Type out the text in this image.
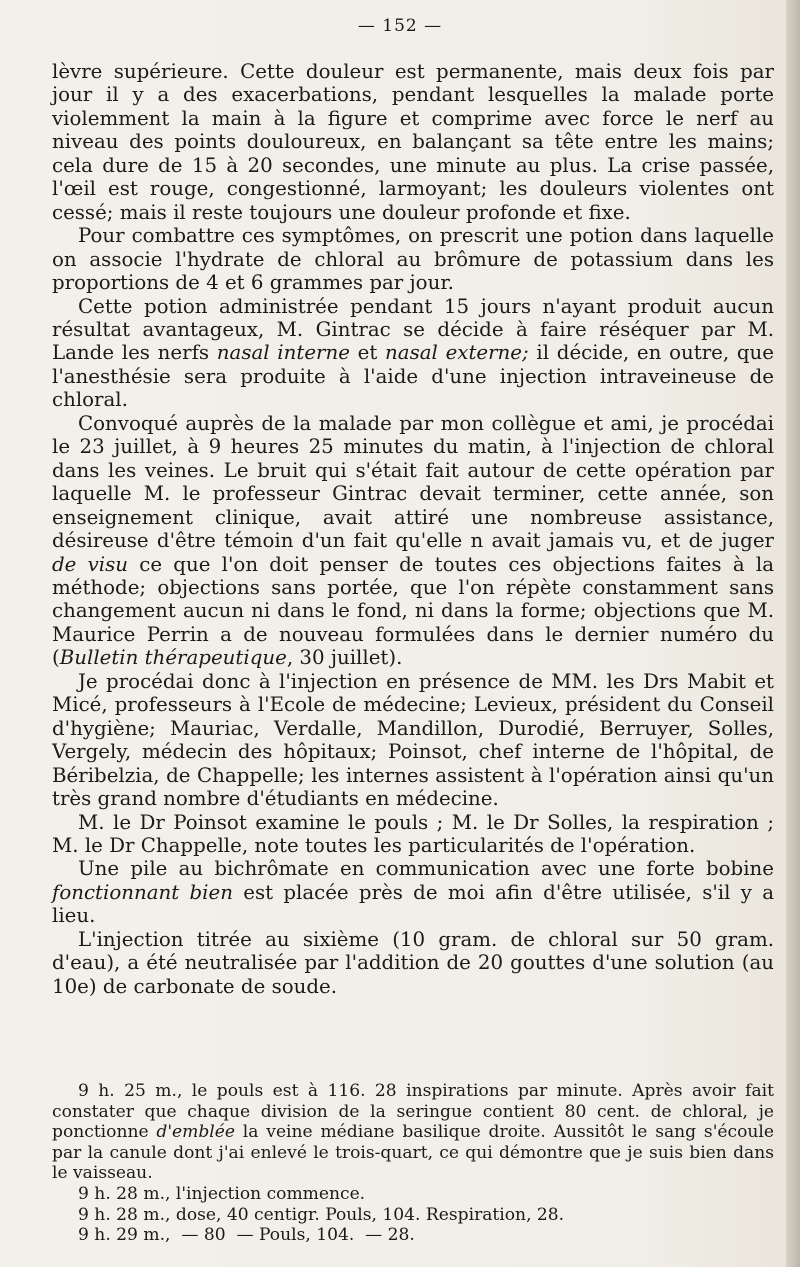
— 152 —

lèvre supérieure. Cette douleur est permanente, mais deux fois par jour il y a des exacerbations, pendant lesquelles la malade porte violemment la main à la figure et comprime avec force le nerf au niveau des points douloureux, en balançant sa tête entre les mains; cela dure de 15 à 20 secondes, une minute au plus. La crise passée, l'œil est rouge, congestionné, larmoyant; les douleurs violentes ont cessé; mais il reste toujours une douleur profonde et fixe.

Pour combattre ces symptômes, on prescrit une potion dans laquelle on associe l'hydrate de chloral au brômure de potassium dans les proportions de 4 et 6 grammes par jour.

Cette potion administrée pendant 15 jours n'ayant produit aucun résultat avantageux, M. Gintrac se décide à faire réséquer par M. Lande les nerfs nasal interne et nasal externe; il décide, en outre, que l'anesthésie sera produite à l'aide d'une injection intraveineuse de chloral.

Convoqué auprès de la malade par mon collègue et ami, je procédai le 23 juillet, à 9 heures 25 minutes du matin, à l'injection de chloral dans les veines. Le bruit qui s'était fait autour de cette opération par laquelle M. le professeur Gintrac devait terminer, cette année, son enseignement clinique, avait attiré une nombreuse assistance, désireuse d'être témoin d'un fait qu'elle n avait jamais vu, et de juger de visu ce que l'on doit penser de toutes ces objections faites à la méthode; objections sans portée, que l'on répète constamment sans changement aucun ni dans le fond, ni dans la forme; objections que M. Maurice Perrin a de nouveau formulées dans le dernier numéro du (Bulletin thérapeutique, 30 juillet).

Je procédai donc à l'injection en présence de MM. les Drs Mabit et Micé, professeurs à l'Ecole de médecine; Levieux, président du Conseil d'hygiène; Mauriac, Verdalle, Mandillon, Durodié, Berruyer, Solles, Vergely, médecin des hôpitaux; Poinsot, chef interne de l'hôpital, de Béribelzia, de Chappelle; les internes assistent à l'opération ainsi qu'un très grand nombre d'étudiants en médecine.

M. le Dr Poinsot examine le pouls ; M. le Dr Solles, la respiration ; M. le Dr Chappelle, note toutes les particularités de l'opération.

Une pile au bichrômate en communication avec une forte bobine fonctionnant bien est placée près de moi afin d'être utilisée, s'il y a lieu.

L'injection titrée au sixième (10 gram. de chloral sur 50 gram. d'eau), a été neutralisée par l'addition de 20 gouttes d'une solution (au 10e) de carbonate de soude.

9 h. 25 m., le pouls est à 116. 28 inspirations par minute. Après avoir fait constater que chaque division de la seringue contient 80 cent. de chloral, je ponctionne d'emblée la veine médiane basilique droite. Aussitôt le sang s'écoule par la canule dont j'ai enlevé le trois-quart, ce qui démontre que je suis bien dans le vaisseau.

9 h. 28 m., l'injection commence.

9 h. 28 m., dose, 40 centigr. Pouls, 104. Respiration, 28.

9 h. 29 m.,  — 80  — Pouls, 104.  — 28.
